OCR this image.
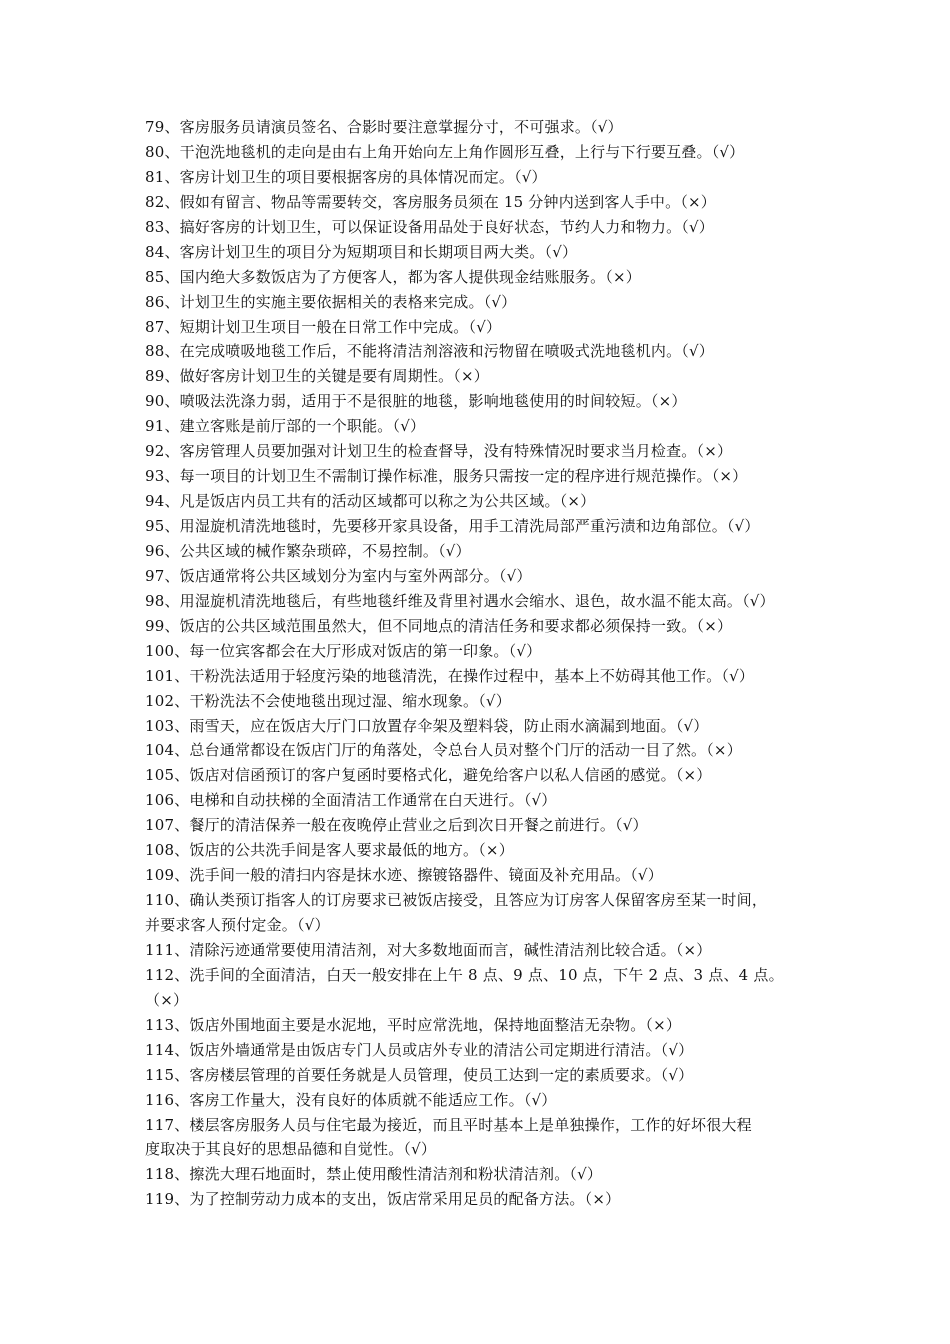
79、客房服务员请演员签名、合影时要注意掌握分寸，不可强求。（√）
80、干泡洗地毯机的走向是由右上角开始向左上角作圆形互叠，上行与下行要互叠。（√）
81、客房计划卫生的项目要根据客房的具体情况而定。（√）
82、假如有留言、物品等需要转交，客房服务员须在 15 分钟内送到客人手中。（×）
83、搞好客房的计划卫生，可以保证设备用品处于良好状态，节约人力和物力。（√）
84、客房计划卫生的项目分为短期项目和长期项目两大类。（√）
85、国内绝大多数饭店为了方便客人，都为客人提供现金结账服务。（×）
86、计划卫生的实施主要依据相关的表格来完成。（√）
87、短期计划卫生项目一般在日常工作中完成。（√）
88、在完成喷吸地毯工作后，不能将清洁剂溶液和污物留在喷吸式洗地毯机内。（√）
89、做好客房计划卫生的关键是要有周期性。（×）
90、喷吸法洗涤力弱，适用于不是很脏的地毯，影响地毯使用的时间较短。（×）
91、建立客账是前厅部的一个职能。（√）
92、客房管理人员要加强对计划卫生的检查督导，没有特殊情况时要求当月检查。（×）
93、每一项目的计划卫生不需制订操作标准，服务只需按一定的程序进行规范操作。（×）
94、凡是饭店内员工共有的活动区域都可以称之为公共区域。（×）
95、用湿旋机清洗地毯时，先要移开家具设备，用手工清洗局部严重污渍和边角部位。（√）
96、公共区域的械作繁杂琐碎，不易控制。（√）
97、饭店通常将公共区域划分为室内与室外两部分。（√）
98、用湿旋机清洗地毯后，有些地毯纤维及背里衬遇水会缩水、退色，故水温不能太高。（√）
99、饭店的公共区域范围虽然大，但不同地点的清洁任务和要求都必须保持一致。（×）
100、每一位宾客都会在大厅形成对饭店的第一印象。（√）
101、干粉洗法适用于轻度污染的地毯清洗，在操作过程中，基本上不妨碍其他工作。（√）
102、干粉洗法不会使地毯出现过湿、缩水现象。（√）
103、雨雪天，应在饭店大厅门口放置存伞架及塑料袋，防止雨水滴漏到地面。（√）
104、总台通常都设在饭店门厅的角落处，令总台人员对整个门厅的活动一目了然。（×）
105、饭店对信函预订的客户复函时要格式化，避免给客户以私人信函的感觉。（×）
106、电梯和自动扶梯的全面清洁工作通常在白天进行。（√）
107、餐厅的清洁保养一般在夜晚停止营业之后到次日开餐之前进行。（√）
108、饭店的公共洗手间是客人要求最低的地方。（×）
109、洗手间一般的清扫内容是抹水迹、擦镀铬器件、镜面及补充用品。（√）
110、确认类预订指客人的订房要求已被饭店接受，且答应为订房客人保留客房至某一时间，
并要求客人预付定金。（√）
111、清除污迹通常要使用清洁剂，对大多数地面而言，碱性清洁剂比较合适。（×）
112、洗手间的全面清洁，白天一般安排在上午 8 点、9 点、10 点，下午 2 点、3 点、4 点。
（×）
113、饭店外围地面主要是水泥地，平时应常洗地，保持地面整洁无杂物。（×）
114、饭店外墙通常是由饭店专门人员或店外专业的清洁公司定期进行清洁。（√）
115、客房楼层管理的首要任务就是人员管理，使员工达到一定的素质要求。（√）
116、客房工作量大，没有良好的体质就不能适应工作。（√）
117、楼层客房服务人员与住宅最为接近，而且平时基本上是单独操作，工作的好坏很大程
度取决于其良好的思想品德和自觉性。（√）
118、擦洗大理石地面时，禁止使用酸性清洁剂和粉状清洁剂。（√）
119、为了控制劳动力成本的支出，饭店常采用足员的配备方法。（×）
